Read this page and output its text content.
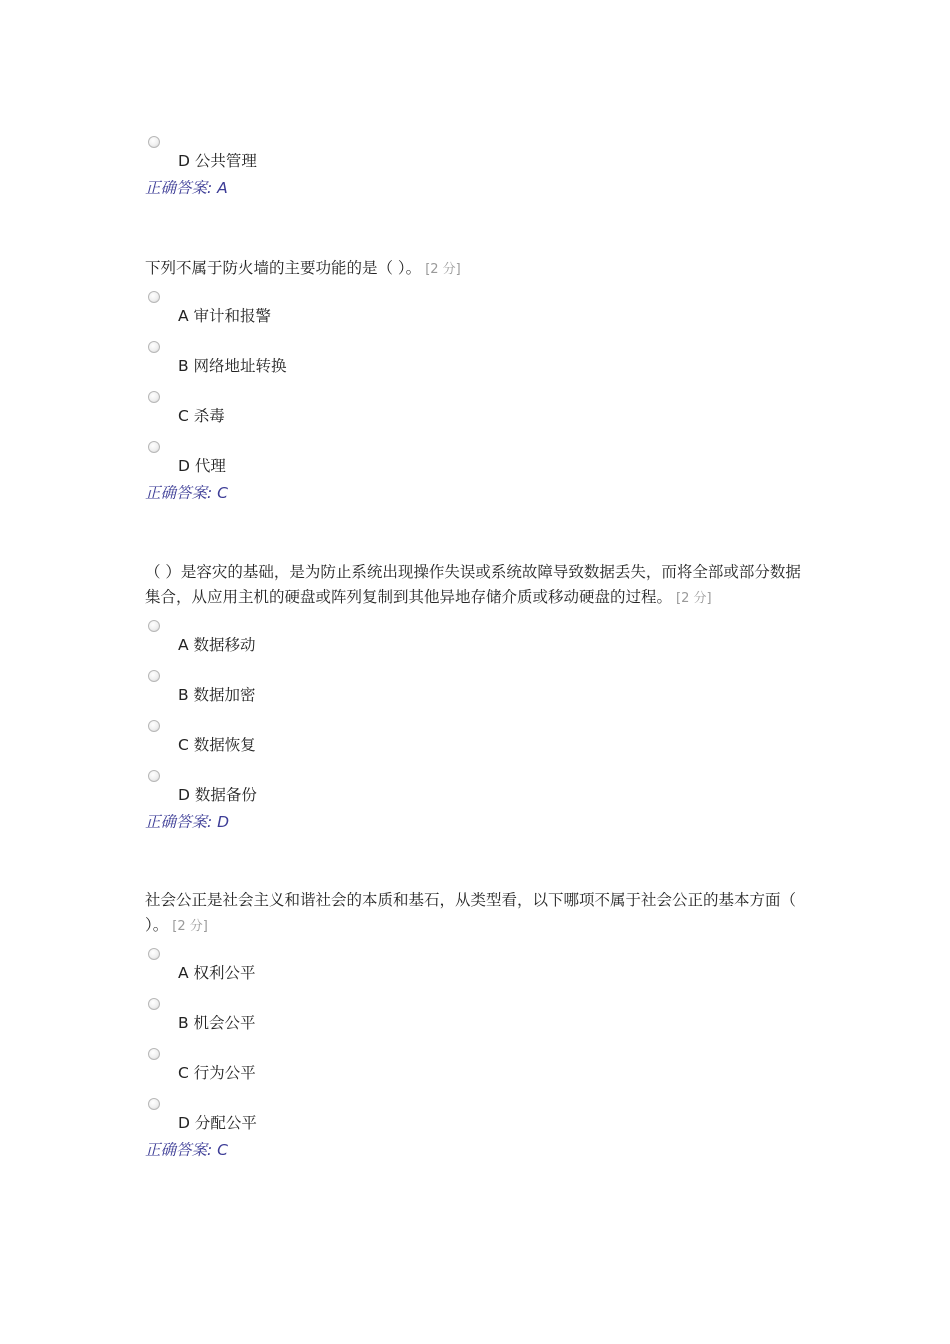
D 公共管理
正确答案: A
下列不属于防火墙的主要功能的是（ ）。 [2 分]
A 审计和报警
B 网络地址转换
C 杀毒
D 代理
正确答案: C
（ ）是容灾的基础，是为防止系统出现操作失误或系统故障导致数据丢失，而将全部或部分数据集合，从应用主机的硬盘或阵列复制到其他异地存储介质或移动硬盘的过程。 [2 分]
A 数据移动
B 数据加密
C 数据恢复
D 数据备份
正确答案: D
社会公正是社会主义和谐社会的本质和基石，从类型看，以下哪项不属于社会公正的基本方面（ ）。 [2 分]
A 权利公平
B 机会公平
C 行为公平
D 分配公平
正确答案: C
